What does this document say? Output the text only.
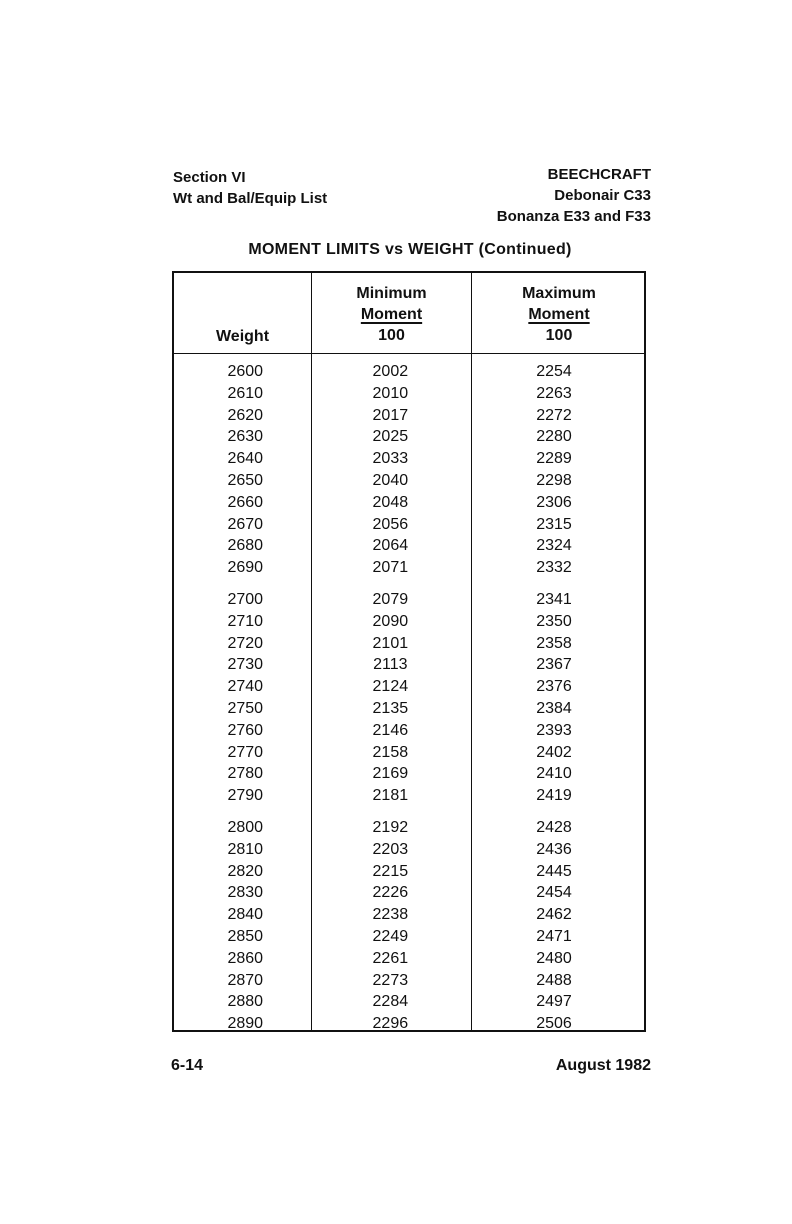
Section VI
Wt and Bal/Equip List
BEECHCRAFT
Debonair C33
Bonanza E33 and F33
MOMENT LIMITS vs WEIGHT (Continued)
Weight
Minimum
Moment
100
Maximum
Moment
100
2600	2002	2254
2610	2010	2263
2620	2017	2272
2630	2025	2280
2640	2033	2289
2650	2040	2298
2660	2048	2306
2670	2056	2315
2680	2064	2324
2690	2071	2332
2700	2079	2341
2710	2090	2350
2720	2101	2358
2730	2113	2367
2740	2124	2376
2750	2135	2384
2760	2146	2393
2770	2158	2402
2780	2169	2410
2790	2181	2419
2800	2192	2428
2810	2203	2436
2820	2215	2445
2830	2226	2454
2840	2238	2462
2850	2249	2471
2860	2261	2480
2870	2273	2488
2880	2284	2497
2890	2296	2506
6-14	August 1982
